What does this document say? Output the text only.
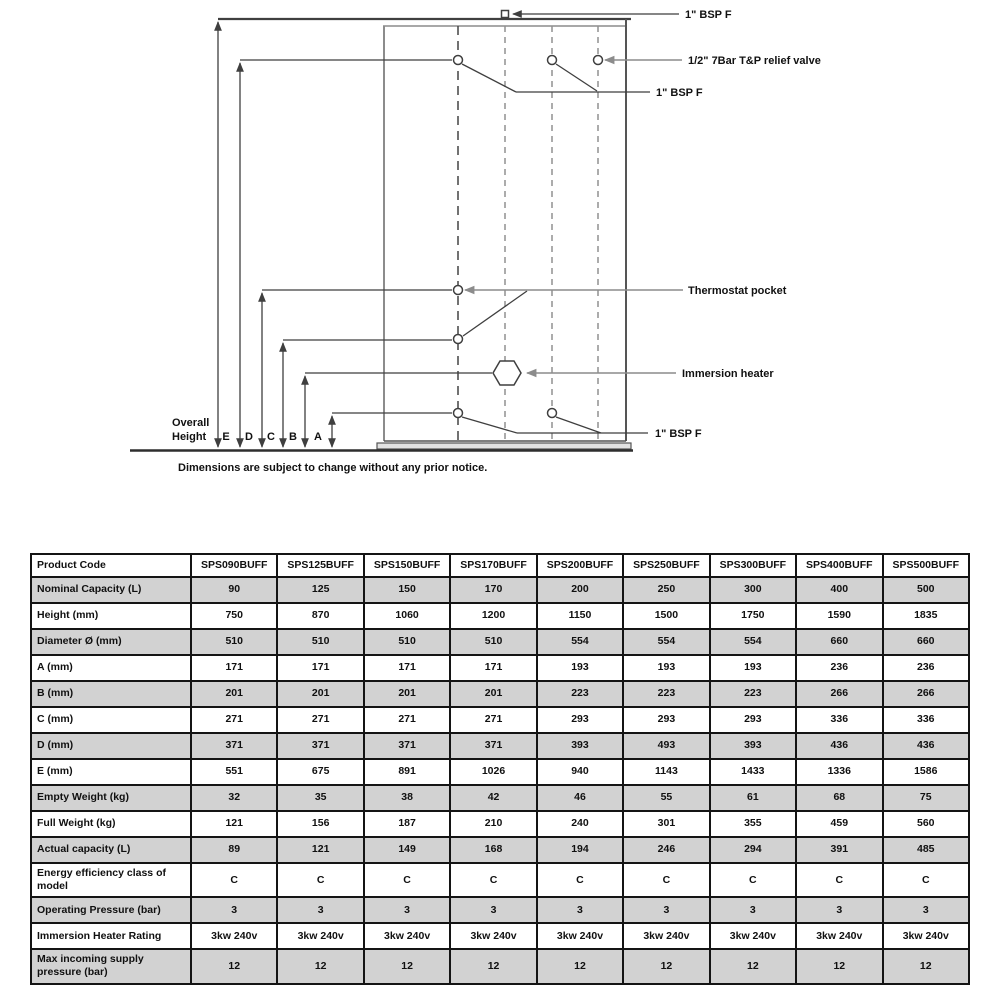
1" BSP F
1/2" 7Bar T&P relief valve
1" BSP F
Thermostat pocket
Immersion heater
1" BSP F
Overall
Height E D C B A
Dimensions are subject to change without any prior notice.
Product Code	SPS090BUFF	SPS125BUFF	SPS150BUFF	SPS170BUFF	SPS200BUFF	SPS250BUFF	SPS300BUFF	SPS400BUFF	SPS500BUFF
Nominal Capacity (L)	90	125	150	170	200	250	300	400	500
Height (mm)	750	870	1060	1200	1150	1500	1750	1590	1835
Diameter Ø (mm)	510	510	510	510	554	554	554	660	660
A (mm)	171	171	171	171	193	193	193	236	236
B (mm)	201	201	201	201	223	223	223	266	266
C (mm)	271	271	271	271	293	293	293	336	336
D (mm)	371	371	371	371	393	493	393	436	436
E (mm)	551	675	891	1026	940	1143	1433	1336	1586
Empty Weight (kg)	32	35	38	42	46	55	61	68	75
Full Weight (kg)	121	156	187	210	240	301	355	459	560
Actual capacity (L)	89	121	149	168	194	246	294	391	485
Energy efficiency class of model	C	C	C	C	C	C	C	C	C
Operating Pressure (bar)	3	3	3	3	3	3	3	3	3
Immersion Heater Rating	3kw 240v	3kw 240v	3kw 240v	3kw 240v	3kw 240v	3kw 240v	3kw 240v	3kw 240v	3kw 240v
Max incoming supply pressure (bar)	12	12	12	12	12	12	12	12	12
